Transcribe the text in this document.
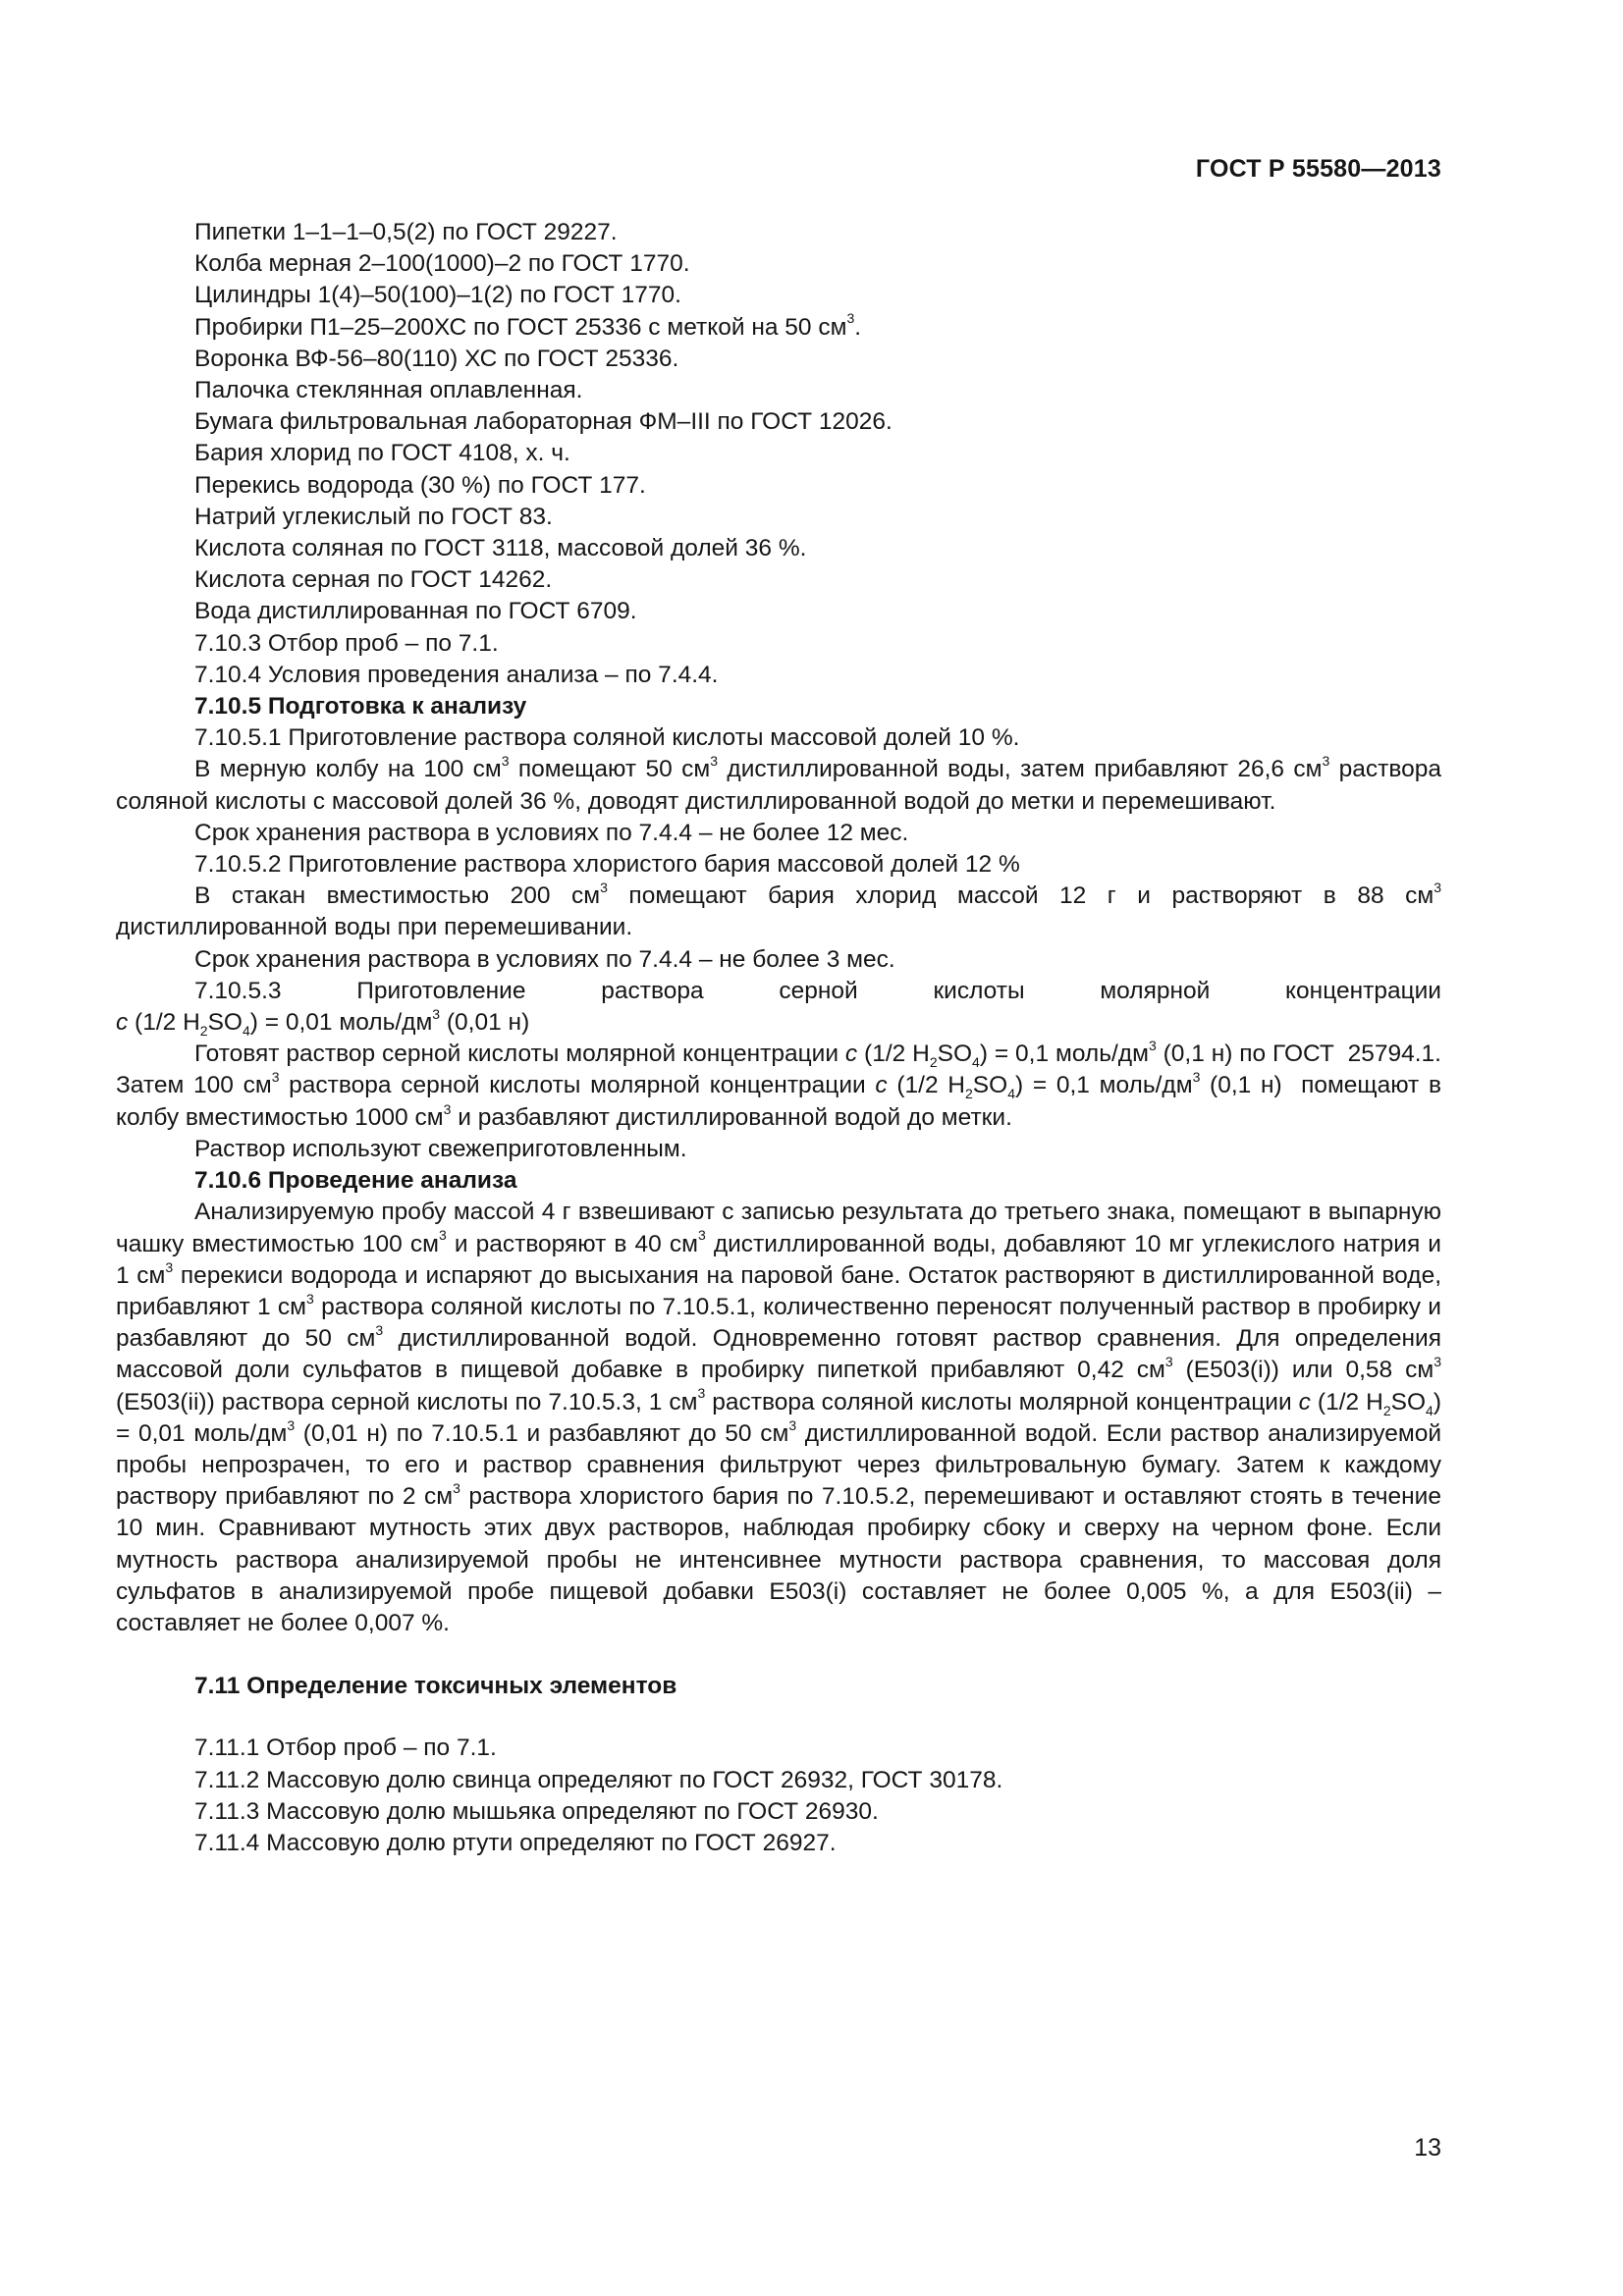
ГОСТ Р 55580—2013

Пипетки 1–1–1–0,5(2) по ГОСТ 29227.

Колба мерная 2–100(1000)–2 по ГОСТ 1770.

Цилиндры 1(4)–50(100)–1(2) по ГОСТ 1770.

Пробирки П1–25–200ХС по ГОСТ 25336 с меткой на 50 $см^3$.

Воронка ВФ-56–80(110) ХС по ГОСТ 25336.

Палочка стеклянная оплавленная.

Бумага фильтровальная лабораторная ФМ–III по ГОСТ 12026.

Бария хлорид по ГОСТ 4108, х. ч.

Перекись водорода (30 %) по ГОСТ 177.

Натрий углекислый по ГОСТ 83.

Кислота соляная по ГОСТ 3118, массовой долей 36 %.

Кислота серная по ГОСТ 14262.

Вода дистиллированная по ГОСТ 6709.

7.10.3 Отбор проб – по 7.1.

7.10.4 Условия проведения анализа – по 7.4.4.

7.10.5 Подготовка к анализу

7.10.5.1 Приготовление раствора соляной кислоты массовой долей 10 %.

В мерную колбу на 100 $см^3$ помещают 50 $см^3$ дистиллированной воды, затем прибавляют 26,6 $см^3$ раствора соляной кислоты с массовой долей 36 %, доводят дистиллированной водой до метки и перемешивают.

Срок хранения раствора в условиях по 7.4.4 – не более 12 мес.

7.10.5.2 Приготовление раствора хлористого бария массовой долей 12 %

В стакан вместимостью 200 $см^3$ помещают бария хлорид массой 12 г и растворяют в 88 $см^3$ дистиллированной воды при перемешивании.

Срок хранения раствора в условиях по 7.4.4 – не более 3 мес.

7.10.5.3 Приготовление раствора серной кислоты молярной концентрации

c (1/2 $H_2SO_4) = 0,01$ моль/$дм^3$ (0,01 н)

Готовят раствор серной кислоты молярной концентрации c (1/2 $H_2SO_4) = 0,1$ моль/$дм^3$ (0,1 н) по ГОСТ  25794.1. Затем 100 $см^3$ раствора серной кислоты молярной концентрации c (1/2 $H_2SO_4) = 0,1$ моль/$дм^3$ (0,1 н)  помещают в колбу вместимостью 1000 $см^3$ и разбавляют дистиллированной водой до метки.

Раствор используют свежеприготовленным.

7.10.6 Проведение анализа

Анализируемую пробу массой 4 г взвешивают с записью результата до третьего знака, помещают в выпарную чашку вместимостью 100 $см^3$ и растворяют в 40 $см^3$ дистиллированной воды, добавляют 10 мг углекислого натрия и 1 $см^3$ перекиси водорода и испаряют до высыхания на паровой бане. Остаток растворяют в дистиллированной воде, прибавляют 1 $см^3$ раствора соляной кислоты по 7.10.5.1, количественно переносят полученный раствор в пробирку и разбавляют до 50 $см^3$ дистиллированной водой. Одновременно готовят раствор сравнения. Для определения массовой доли сульфатов в пищевой добавке в пробирку пипеткой прибавляют 0,42 $см^3$ (Е503(i)) или 0,58 $см^3$ (Е503(ii)) раствора серной кислоты по 7.10.5.3, 1 $см^3$ раствора соляной кислоты молярной концентрации c (1/2 $H_2SO_4) = 0,01$ моль/$дм^3$ (0,01 н) по 7.10.5.1 и разбавляют до 50 $см^3$ дистиллированной водой. Если раствор анализируемой пробы непрозрачен, то его и раствор сравнения фильтруют через фильтровальную бумагу. Затем к каждому раствору прибавляют по 2 $см^3$ раствора хлористого бария по 7.10.5.2, перемешивают и оставляют стоять в течение 10 мин. Сравнивают мутность этих двух растворов, наблюдая пробирку сбоку и сверху на черном фоне. Если мутность раствора анализируемой пробы не интенсивнее мутности раствора сравнения, то массовая доля сульфатов в анализируемой пробе пищевой добавки Е503(i) составляет не более 0,005 %, а для Е503(ii) – составляет не более 0,007 %.

7.11 Определение токсичных элементов

7.11.1 Отбор проб – по 7.1.

7.11.2 Массовую долю свинца определяют по ГОСТ 26932, ГОСТ 30178.

7.11.3 Массовую долю мышьяка определяют по ГОСТ 26930.

7.11.4 Массовую долю ртути определяют по ГОСТ 26927.

13
